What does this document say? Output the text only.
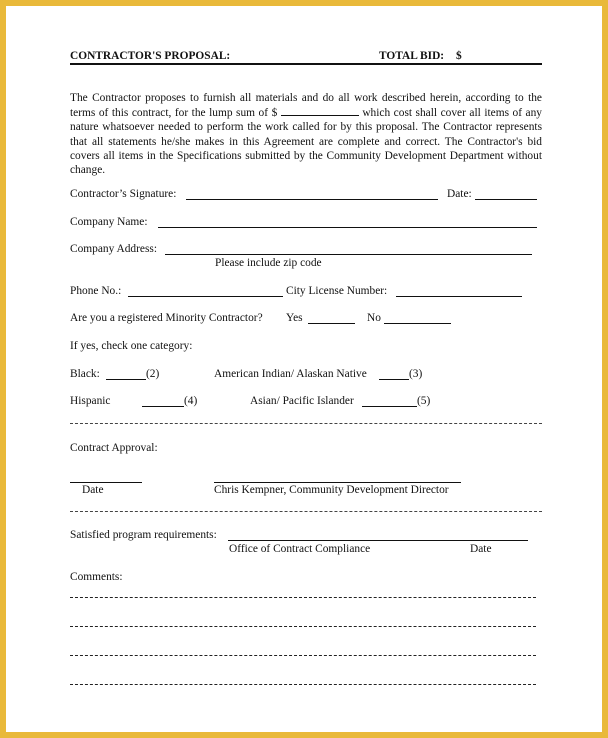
CONTRACTOR'S PROPOSAL:	TOTAL BID: $
The Contractor proposes to furnish all materials and do all work described herein, according to the terms of this contract, for the lump sum of $	which cost shall cover all items of any nature whatsoever needed to perform the work called for by this proposal. The Contractor represents that all statements he/she makes in this Agreement are complete and correct. The Contractor's bid covers all items in the Specifications submitted by the Community Development Department without change.
Contractor’s Signature:	Date:
Company Name:
Company Address:
Please include zip code
Phone No.:	City License Number:
Are you a registered Minority Contractor? Yes	No
If yes, check one category:
Black:	(2)	American Indian/ Alaskan Native	(3)
Hispanic	(4)	Asian/ Pacific Islander	(5)
Contract Approval:
Date	Chris Kempner, Community Development Director
Satisfied program requirements:
Office of Contract Compliance	Date
Comments:
